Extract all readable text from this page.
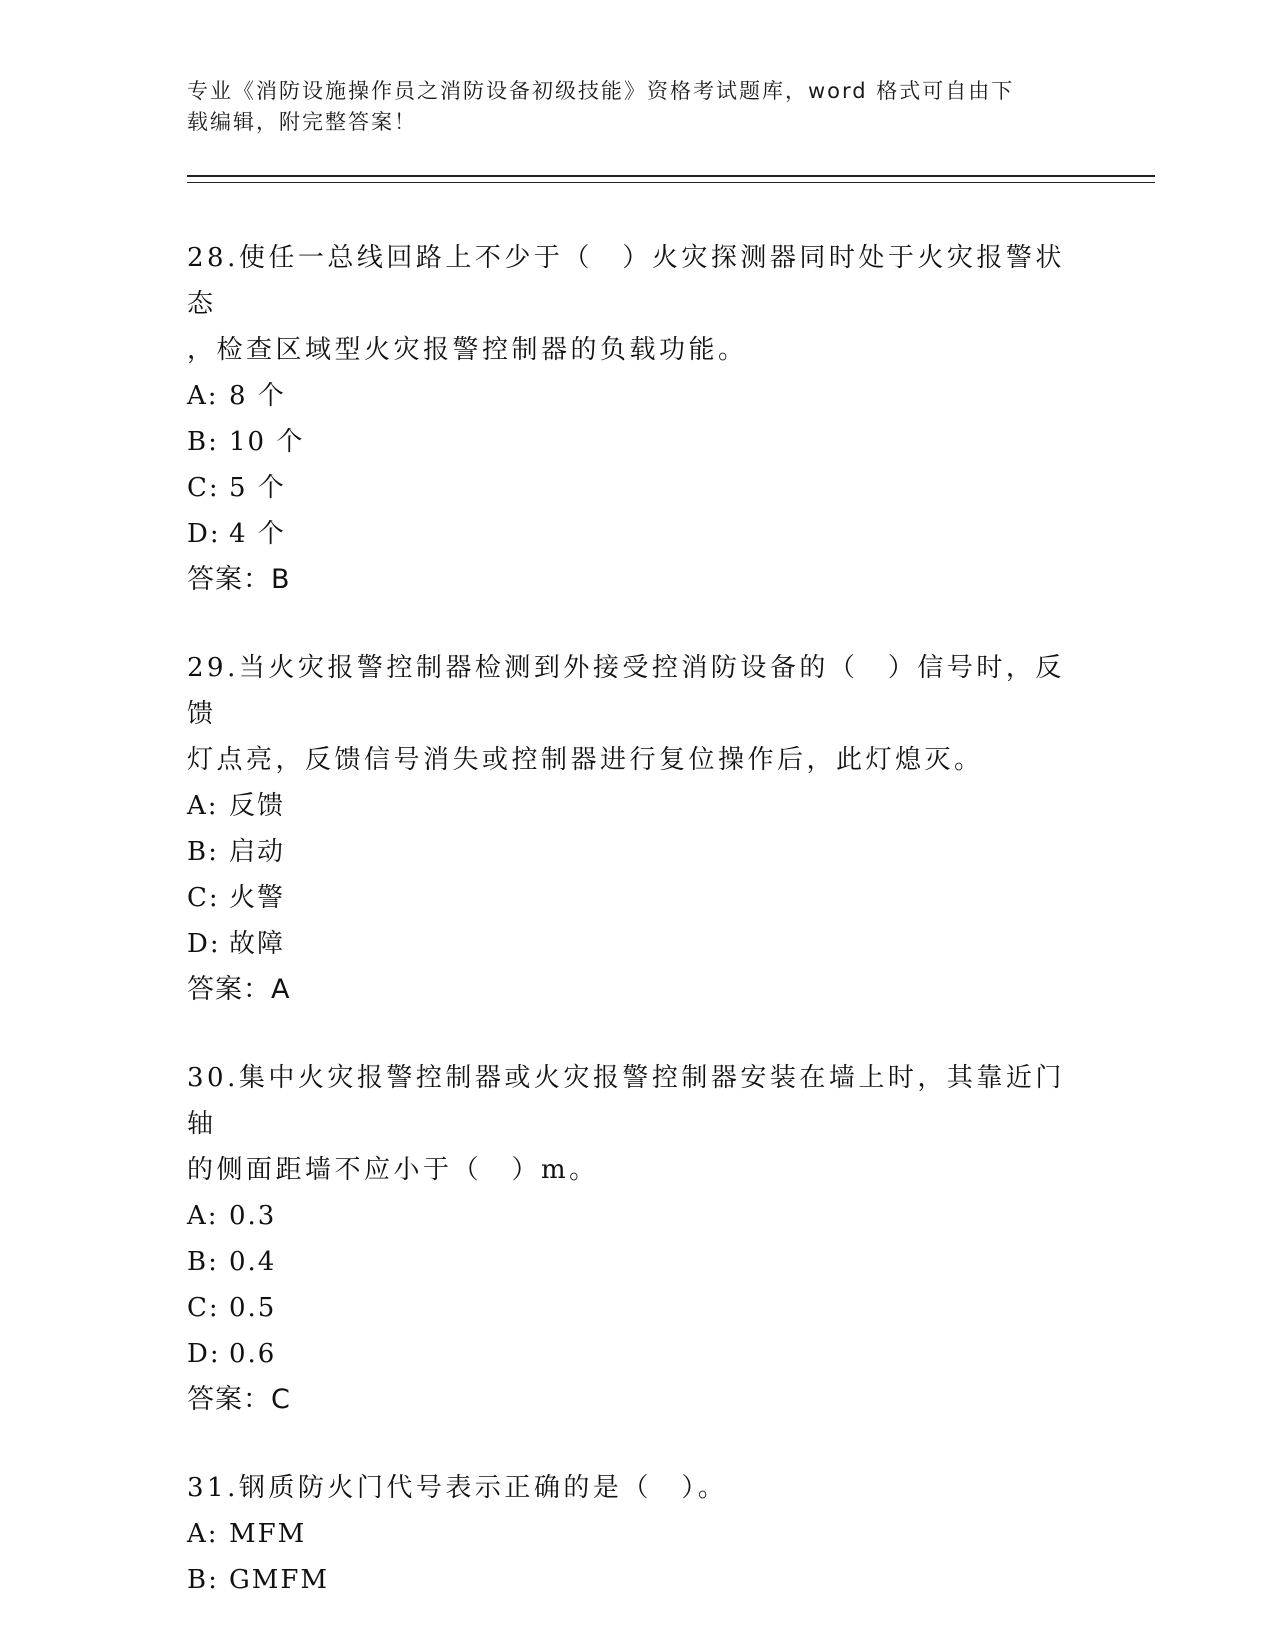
专业《消防设施操作员之消防设备初级技能》资格考试题库，word 格式可自由下
载编辑，附完整答案！

28.使任一总线回路上不少于（　）火灾探测器同时处于火灾报警状态

，检查区域型火灾报警控制器的负载功能。

A: 8 个

B: 10 个

C: 5 个

D: 4 个

答案：B

29.当火灾报警控制器检测到外接受控消防设备的（　）信号时，反馈

灯点亮，反馈信号消失或控制器进行复位操作后，此灯熄灭。

A: 反馈

B: 启动

C: 火警

D: 故障

答案：A

30.集中火灾报警控制器或火灾报警控制器安装在墙上时，其靠近门轴

的侧面距墙不应小于（　）m。

A: 0.3

B: 0.4

C: 0.5

D: 0.6

答案：C

31.钢质防火门代号表示正确的是（　）。

A: MFM

B: GMFM
